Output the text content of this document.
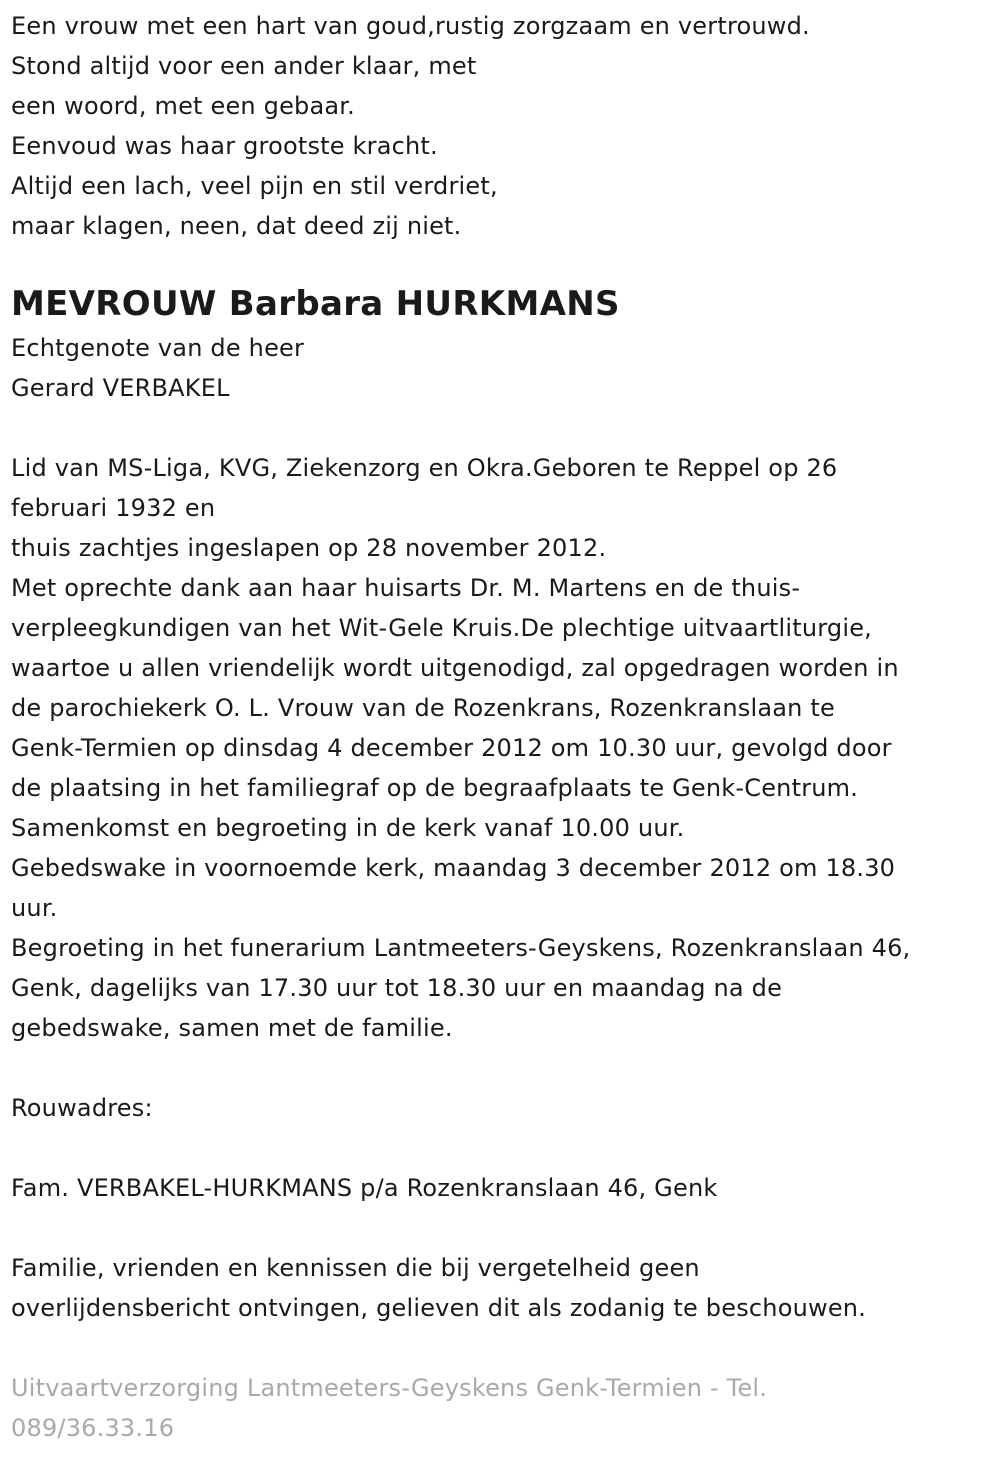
Een vrouw met een hart van goud,rustig zorgzaam en vertrouwd.
Stond altijd voor een ander klaar, met
een woord, met een gebaar.
Eenvoud was haar grootste kracht.
Altijd een lach, veel pijn en stil verdriet,
maar klagen, neen, dat deed zij niet.
MEVROUW Barbara HURKMANS
Echtgenote van de heer
Gerard VERBAKEL
Lid van MS-Liga, KVG, Ziekenzorg en Okra.Geboren te Reppel op 26
februari 1932 en
thuis zachtjes ingeslapen op 28 november 2012.
Met oprechte dank aan haar huisarts Dr. M. Martens en de thuis-
verpleegkundigen van het Wit-Gele Kruis.De plechtige uitvaartliturgie,
waartoe u allen vriendelijk wordt uitgenodigd, zal opgedragen worden in
de parochiekerk O. L. Vrouw van de Rozenkrans, Rozenkranslaan te
Genk-Termien op dinsdag 4 december 2012 om 10.30 uur, gevolgd door
de plaatsing in het familiegraf op de begraafplaats te Genk-Centrum.
Samenkomst en begroeting in de kerk vanaf 10.00 uur.
Gebedswake in voornoemde kerk, maandag 3 december 2012 om 18.30
uur.
Begroeting in het funerarium Lantmeeters-Geyskens, Rozenkranslaan 46,
Genk, dagelijks van 17.30 uur tot 18.30 uur en maandag na de
gebedswake, samen met de familie.
Rouwadres:
Fam. VERBAKEL-HURKMANS p/a Rozenkranslaan 46, Genk
Familie, vrienden en kennissen die bij vergetelheid geen
overlijdensbericht ontvingen, gelieven dit als zodanig te beschouwen.
Uitvaartverzorging Lantmeeters-Geyskens Genk-Termien - Tel.
089/36.33.16
